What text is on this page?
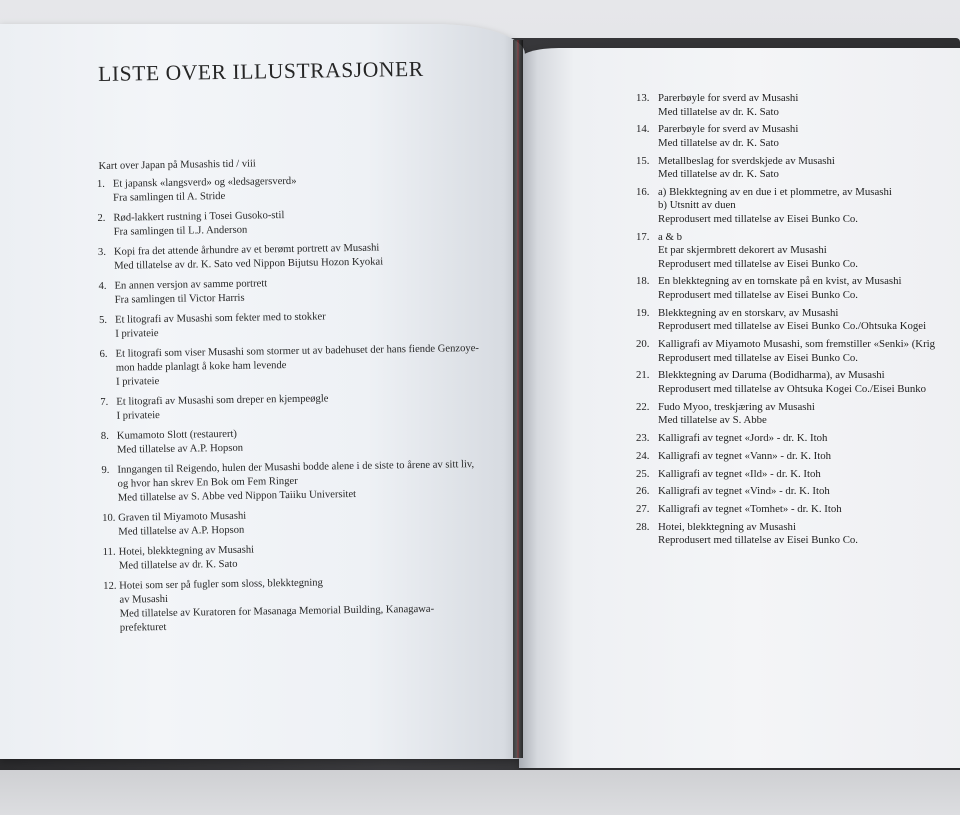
LISTE OVER ILLUSTRASJONER
Kart over Japan på Musashis tid / viii
1. Et japansk «langsverd» og «ledsagersverd»
Fra samlingen til A. Stride
2. Rød-lakkert rustning i Tosei Gusoko-stil
Fra samlingen til L.J. Anderson
3. Kopi fra det attende århundre av et berømt portrett av Musashi
Med tillatelse av dr. K. Sato ved Nippon Bijutsu Hozon Kyokai
4. En annen versjon av samme portrett
Fra samlingen til Victor Harris
5. Et litografi av Musashi som fekter med to stokker
I privateie
6. Et litografi som viser Musashi som stormer ut av badehuset der hans fiende Genzoye-
mon hadde planlagt å koke ham levende
I privateie
7. Et litografi av Musashi som dreper en kjempeøgle
I privateie
8. Kumamoto Slott (restaurert)
Med tillatelse av A.P. Hopson
9. Inngangen til Reigendo, hulen der Musashi bodde alene i de siste to årene av sitt liv,
og hvor han skrev En Bok om Fem Ringer
Med tillatelse av S. Abbe ved Nippon Taiiku Universitet
10. Graven til Miyamoto Musashi
Med tillatelse av A.P. Hopson
11. Hotei, blekktegning av Musashi
Med tillatelse av dr. K. Sato
12. Hotei som ser på fugler som sloss, blekktegning
av Musashi
Med tillatelse av Kuratoren for Masanaga Memorial Building, Kanagawa-
prefekturet
13. Parerbøyle for sverd av Musashi
Med tillatelse av dr. K. Sato
14. Parerbøyle for sverd av Musashi
Med tillatelse av dr. K. Sato
15. Metallbeslag for sverdskjede av Musashi
Med tillatelse av dr. K. Sato
16. a) Blekktegning av en due i et plommetre, av Musashi
b) Utsnitt av duen
Reprodusert med tillatelse av Eisei Bunko Co.
17. a & b
Et par skjermbrett dekorert av Musashi
Reprodusert med tillatelse av Eisei Bunko Co.
18. En blekktegning av en tornskate på en kvist, av Musashi
Reprodusert med tillatelse av Eisei Bunko Co.
19. Blekktegning av en storskarv, av Musashi
Reprodusert med tillatelse av Eisei Bunko Co./Ohtsuka Kogei
20. Kalligrafi av Miyamoto Musashi, som fremstiller «Senki» (Krig
Reprodusert med tillatelse av Eisei Bunko Co.
21. Blekktegning av Daruma (Bodidharma), av Musashi
Reprodusert med tillatelse av Ohtsuka Kogei Co./Eisei Bunko
22. Fudo Myoo, treskjæring av Musashi
Med tillatelse av S. Abbe
23. Kalligrafi av tegnet «Jord» - dr. K. Itoh
24. Kalligrafi av tegnet «Vann» - dr. K. Itoh
25. Kalligrafi av tegnet «Ild» - dr. K. Itoh
26. Kalligrafi av tegnet «Vind» - dr. K. Itoh
27. Kalligrafi av tegnet «Tomhet» - dr. K. Itoh
28. Hotei, blekktegning av Musashi
Reprodusert med tillatelse av Eisei Bunko Co.
